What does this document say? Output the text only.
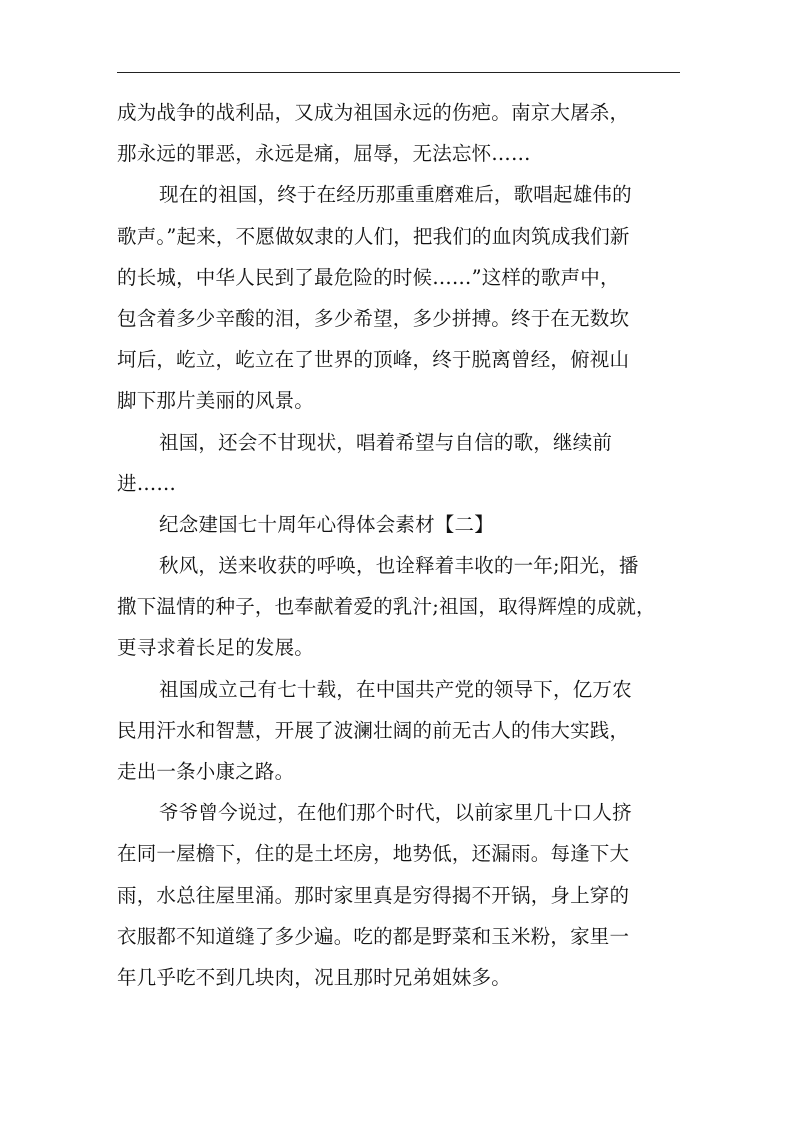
成为战争的战利品，又成为祖国永远的伤疤。南京大屠杀，
那永远的罪恶，永远是痛，屈辱，无法忘怀……
现在的祖国，终于在经历那重重磨难后，歌唱起雄伟的
歌声。”起来，不愿做奴隶的人们，把我们的血肉筑成我们新
的长城，中华人民到了最危险的时候……”这样的歌声中，
包含着多少辛酸的泪，多少希望，多少拼搏。终于在无数坎
坷后，屹立，屹立在了世界的顶峰，终于脱离曾经，俯视山
脚下那片美丽的风景。
祖国，还会不甘现状，唱着希望与自信的歌，继续前
进……
纪念建国七十周年心得体会素材【二】
秋风，送来收获的呼唤，也诠释着丰收的一年;阳光，播
撒下温情的种子，也奉献着爱的乳汁;祖国，取得辉煌的成就，
更寻求着长足的发展。
祖国成立己有七十载，在中国共产党的领导下，亿万农
民用汗水和智慧，开展了波澜壮阔的前无古人的伟大实践，
走出一条小康之路。
爷爷曾今说过，在他们那个时代，以前家里几十口人挤
在同一屋檐下，住的是土坯房，地势低，还漏雨。每逢下大
雨，水总往屋里涌。那时家里真是穷得揭不开锅，身上穿的
衣服都不知道缝了多少遍。吃的都是野菜和玉米粉，家里一
年几乎吃不到几块肉，况且那时兄弟姐妹多。
